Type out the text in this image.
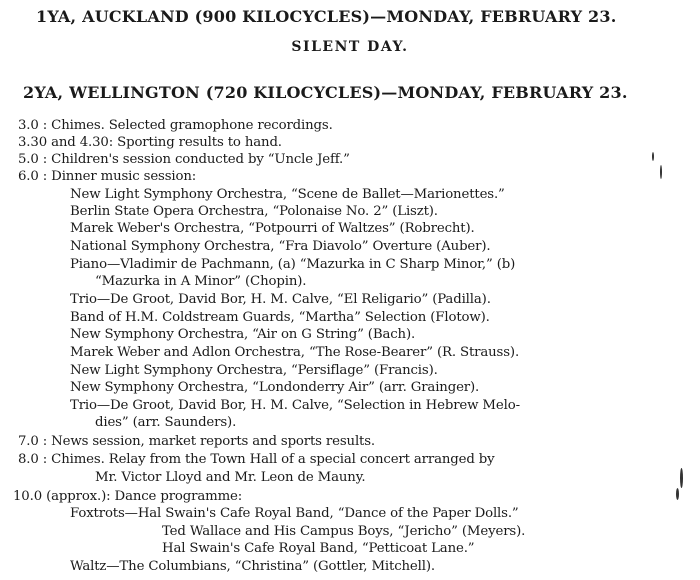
1YA, AUCKLAND (900 KILOCYCLES)—MONDAY, FEBRUARY 23.
SILENT DAY.
2YA, WELLINGTON (720 KILOCYCLES)—MONDAY, FEBRUARY 23.
3.0 : Chimes. Selected gramophone recordings.
3.30 and 4.30: Sporting results to hand.
5.0 : Children's session conducted by “Uncle Jeff.”
6.0 : Dinner music session:
New Light Symphony Orchestra, “Scene de Ballet—Marionettes.”
Berlin State Opera Orchestra, “Polonaise No. 2” (Liszt).
Marek Weber's Orchestra, “Potpourri of Waltzes” (Robrecht).
National Symphony Orchestra, “Fra Diavolo” Overture (Auber).
Piano—Vladimir de Pachmann, (a) “Mazurka in C Sharp Minor,” (b)
“Mazurka in A Minor” (Chopin).
Trio—De Groot, David Bor, H. M. Calve, “El Religario” (Padilla).
Band of H.M. Coldstream Guards, “Martha” Selection (Flotow).
New Symphony Orchestra, “Air on G String” (Bach).
Marek Weber and Adlon Orchestra, “The Rose-Bearer” (R. Strauss).
New Light Symphony Orchestra, “Persiflage” (Francis).
New Symphony Orchestra, “Londonderry Air” (arr. Grainger).
Trio—De Groot, David Bor, H. M. Calve, “Selection in Hebrew Melo-
dies” (arr. Saunders).
7.0 : News session, market reports and sports results.
8.0 : Chimes. Relay from the Town Hall of a special concert arranged by
Mr. Victor Lloyd and Mr. Leon de Mauny.
10.0 (approx.): Dance programme:
Foxtrots—Hal Swain's Cafe Royal Band, “Dance of the Paper Dolls.”
Ted Wallace and His Campus Boys, “Jericho” (Meyers).
Hal Swain's Cafe Royal Band, “Petticoat Lane.”
Waltz—The Columbians, “Christina” (Gottler, Mitchell).
